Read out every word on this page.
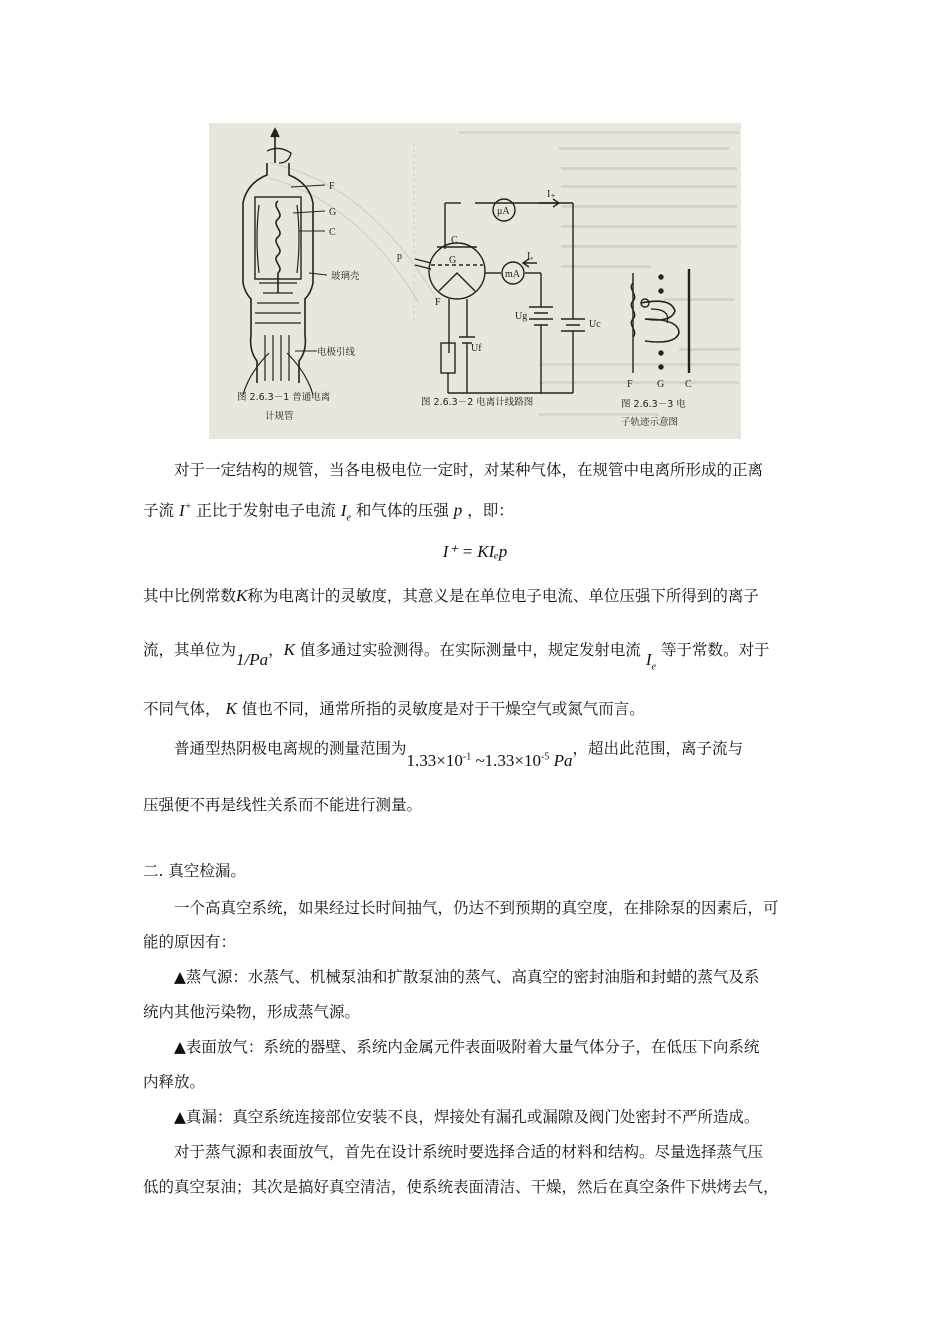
p
F
G
C
玻璃壳
电极引线
图 2.6.3－1 普通电离
计规管
μA
mA
I₊
Iₑ
p
C
G
F
Ug
Uc
Uf
图 2.6.3－2 电离计线路图
F G C
图 2.6.3－3 电
子轨迹示意图
对于一定结构的规管，当各电极电位一定时，对某种气体，在规管中电离所形成的正离
子流 I+ 正比于发射电子电流 $I_e$ 和气体的压强 p ，即：
I⁺ = KIₑp
其中比例常数K称为电离计的灵敏度，其意义是在单位电子电流、单位压强下所得到的离子
流，其单位为1/Pa，K 值多通过实验测得。在实际测量中，规定发射电流 $I_e$ 等于常数。对于
不同气体， K 值也不同，通常所指的灵敏度是对于干燥空气或氮气而言。
普通型热阴极电离规的测量范围为$1.33\times 10^{-1}$ $\sim 1.33\times 10^{-5}$ Pa，超出此范围，离子流与
压强便不再是线性关系而不能进行测量。
二. 真空检漏。
一个高真空系统，如果经过长时间抽气，仍达不到预期的真空度，在排除泵的因素后，可
能的原因有：
▲蒸气源：水蒸气、机械泵油和扩散泵油的蒸气、高真空的密封油脂和封蜡的蒸气及系
统内其他污染物，形成蒸气源。
▲表面放气：系统的器壁、系统内金属元件表面吸附着大量气体分子，在低压下向系统
内释放。
▲真漏：真空系统连接部位安装不良，焊接处有漏孔或漏隙及阀门处密封不严所造成。
对于蒸气源和表面放气，首先在设计系统时要选择合适的材料和结构。尽量选择蒸气压
低的真空泵油；其次是搞好真空清洁，使系统表面清洁、干燥，然后在真空条件下烘烤去气，
